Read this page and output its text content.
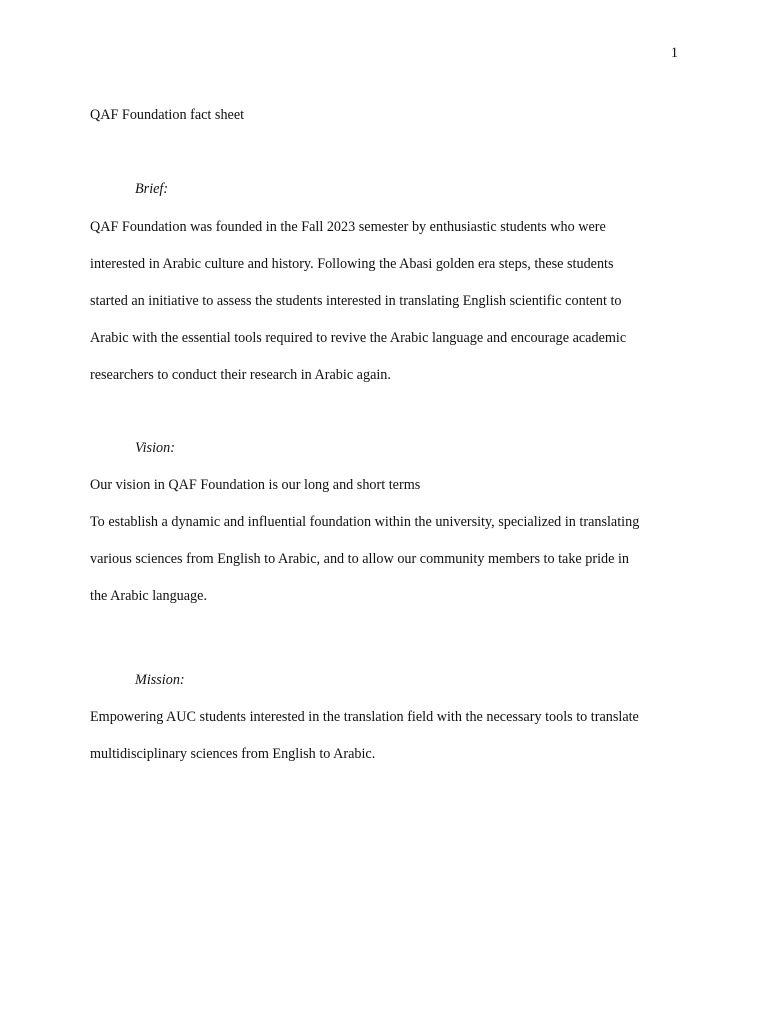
1
QAF Foundation fact sheet
Brief:
QAF Foundation was founded in the Fall 2023 semester by enthusiastic students who were
interested in Arabic culture and history. Following the Abasi golden era steps, these students
started an initiative to assess the students interested in translating English scientific content to
Arabic with the essential tools required to revive the Arabic language and encourage academic
researchers to conduct their research in Arabic again.
Vision:
Our vision in QAF Foundation is our long and short terms
To establish a dynamic and influential foundation within the university, specialized in translating
various sciences from English to Arabic, and to allow our community members to take pride in
the Arabic language.
Mission:
Empowering AUC students interested in the translation field with the necessary tools to translate
multidisciplinary sciences from English to Arabic.
